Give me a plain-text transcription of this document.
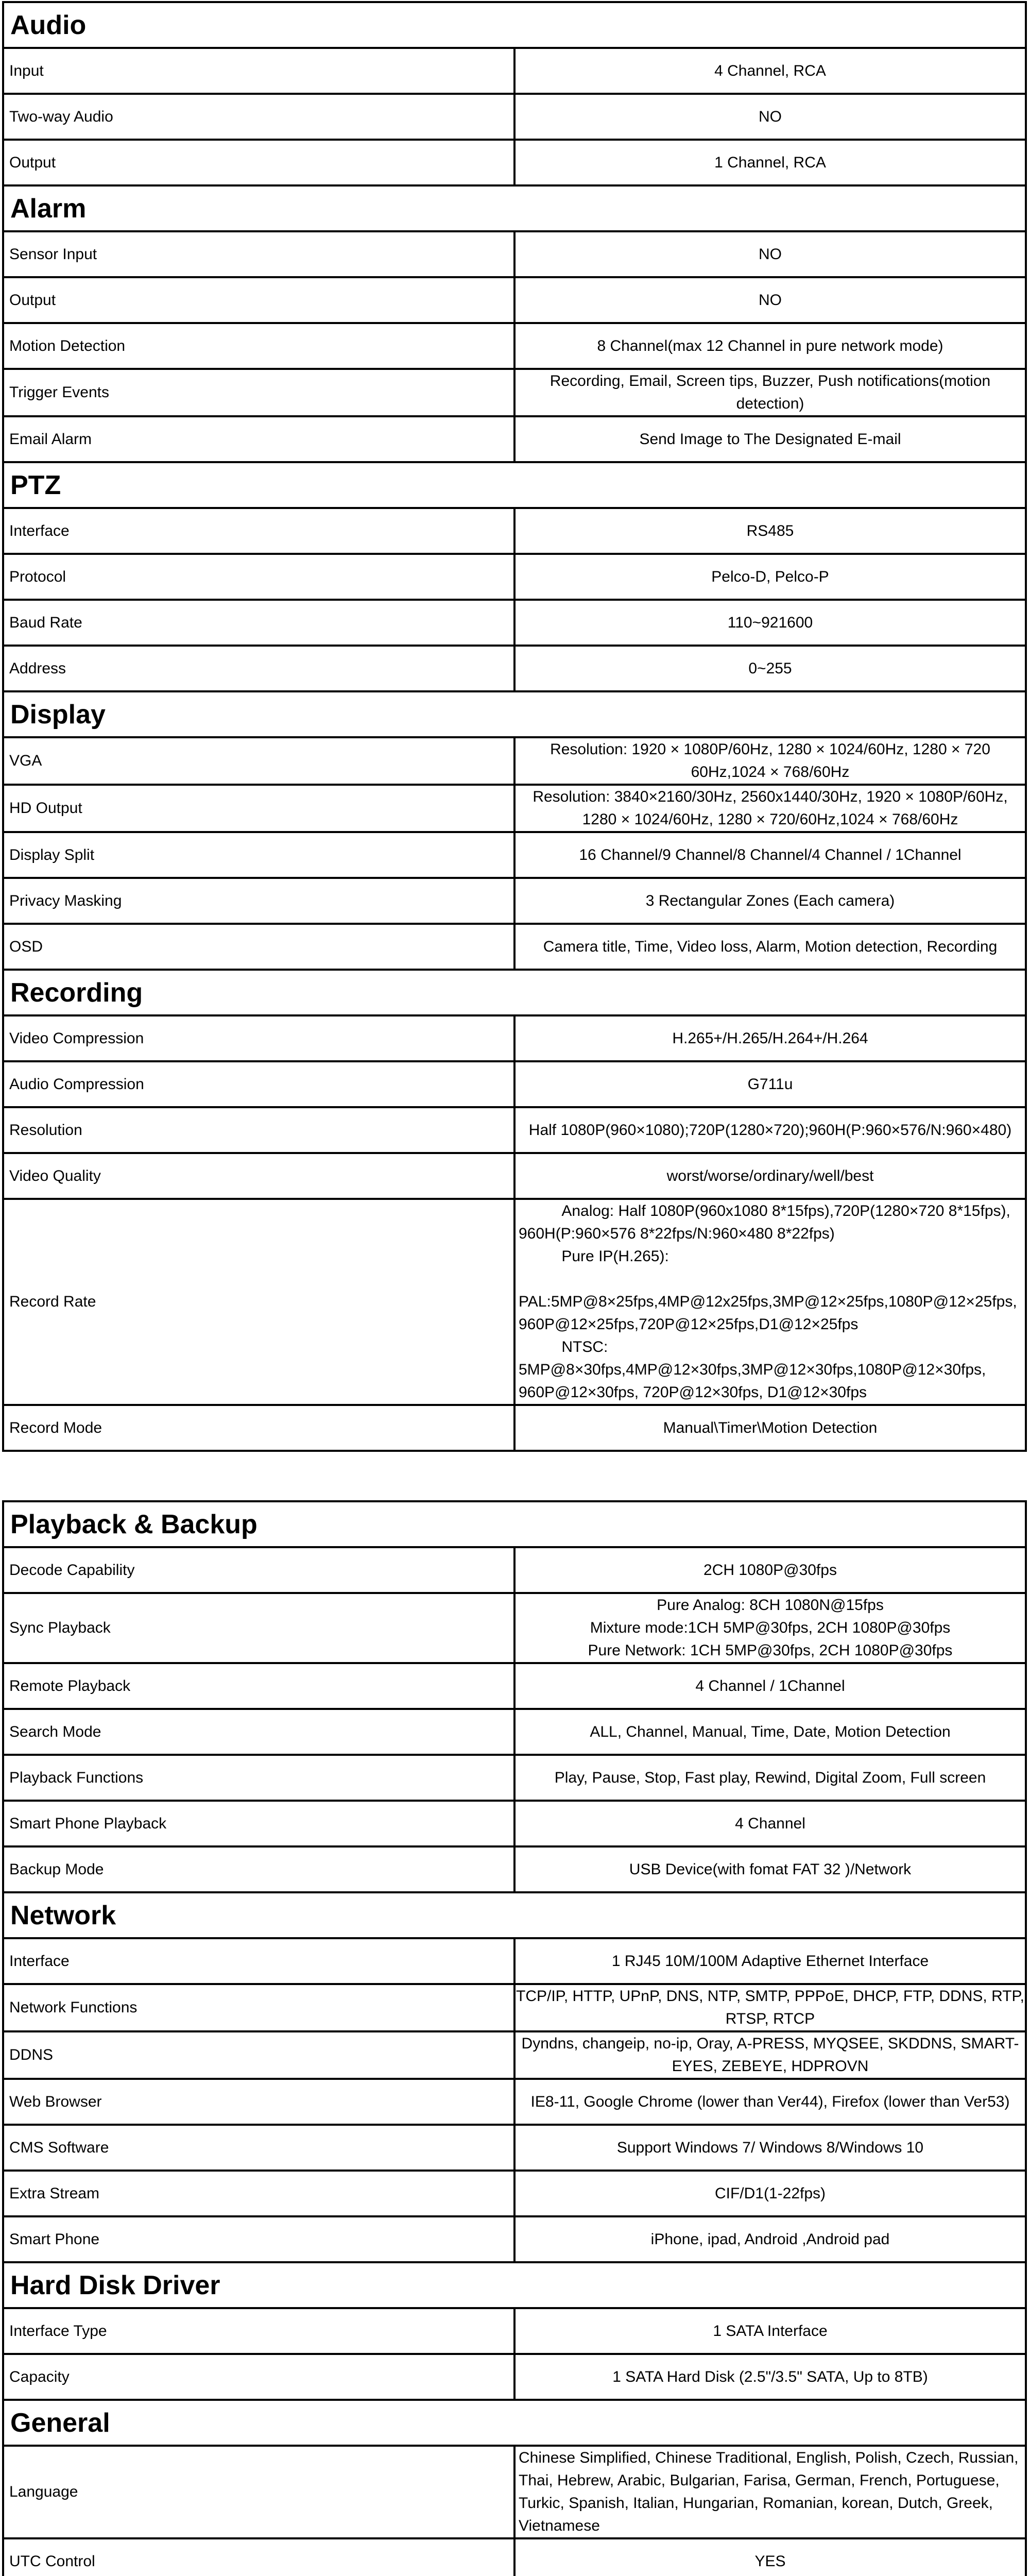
Audio	
Input	4 Channel, RCA
Two-way Audio	NO
Output	1 Channel, RCA
Alarm	
Sensor Input	NO
Output	NO
Motion Detection	8 Channel(max 12 Channel in pure network mode)
Trigger Events	Recording, Email, Screen tips, Buzzer, Push notifications(motion detection)
Email Alarm	Send Image to The Designated E-mail
PTZ	
Interface	RS485
Protocol	Pelco-D, Pelco-P
Baud Rate	110~921600
Address	0~255
Display	
VGA	Resolution: 1920 × 1080P/60Hz, 1280 × 1024/60Hz, 1280 × 720 60Hz,1024 × 768/60Hz
HD Output	Resolution: 3840×2160/30Hz, 2560x1440/30Hz, 1920 × 1080P/60Hz,
1280 × 1024/60Hz, 1280 × 720/60Hz,1024 × 768/60Hz
Display Split	16 Channel/9 Channel/8 Channel/4 Channel / 1Channel
Privacy Masking	3 Rectangular Zones (Each camera)
OSD	Camera title, Time, Video loss, Alarm, Motion detection, Recording
Recording	
Video Compression	H.265+/H.265/H.264+/H.264
Audio Compression	G711u
Resolution	Half 1080P(960×1080);720P(1280×720);960H(P:960×576/N:960×480)
Video Quality	worst/worse/ordinary/well/best
Record Rate	Analog: Half 1080P(960x1080 8*15fps),720P(1280×720 8*15fps), 960H(P:960×576 8*22fps/N:960×480 8*22fps)
Pure IP(H.265):
PAL:5MP@8×25fps,4MP@12x25fps,3MP@12×25fps,1080P@12×25fps, 960P@12×25fps,720P@12×25fps,D1@12×25fps
NTSC: 5MP@8×30fps,4MP@12×30fps,3MP@12×30fps,1080P@12×30fps, 960P@12×30fps, 720P@12×30fps, D1@12×30fps
Record Mode	Manual\Timer\Motion Detection
Playback & Backup	
Decode Capability	2CH 1080P@30fps
Sync Playback	Pure Analog: 8CH 1080N@15fps
Mixture mode:1CH 5MP@30fps, 2CH 1080P@30fps
Pure Network: 1CH 5MP@30fps, 2CH 1080P@30fps
Remote Playback	4 Channel / 1Channel
Search Mode	ALL, Channel, Manual, Time, Date, Motion Detection
Playback Functions	Play, Pause, Stop, Fast play, Rewind, Digital Zoom, Full screen
Smart Phone Playback	4 Channel
Backup Mode	USB Device(with fomat FAT 32 )/Network
Network	
Interface	1 RJ45 10M/100M Adaptive Ethernet Interface
Network Functions	TCP/IP, HTTP, UPnP, DNS, NTP, SMTP, PPPoE, DHCP, FTP, DDNS, RTP, RTSP, RTCP
DDNS	Dyndns, changeip, no-ip, Oray, A-PRESS, MYQSEE, SKDDNS, SMART-EYES, ZEBEYE, HDPROVN
Web Browser	IE8-11, Google Chrome (lower than Ver44), Firefox (lower than Ver53)
CMS Software	Support Windows 7/ Windows 8/Windows 10
Extra Stream	CIF/D1(1-22fps)
Smart Phone	iPhone, ipad, Android ,Android pad
Hard Disk Driver	
Interface Type	1 SATA Interface
Capacity	1 SATA Hard Disk (2.5"/3.5" SATA, Up to 8TB)
General	
Language	Chinese Simplified, Chinese Traditional, English, Polish, Czech, Russian, Thai, Hebrew, Arabic, Bulgarian, Farisa, German, French, Portuguese, Turkic, Spanish, Italian, Hungarian, Romanian, korean, Dutch, Greek, Vietnamese
UTC Control	YES
